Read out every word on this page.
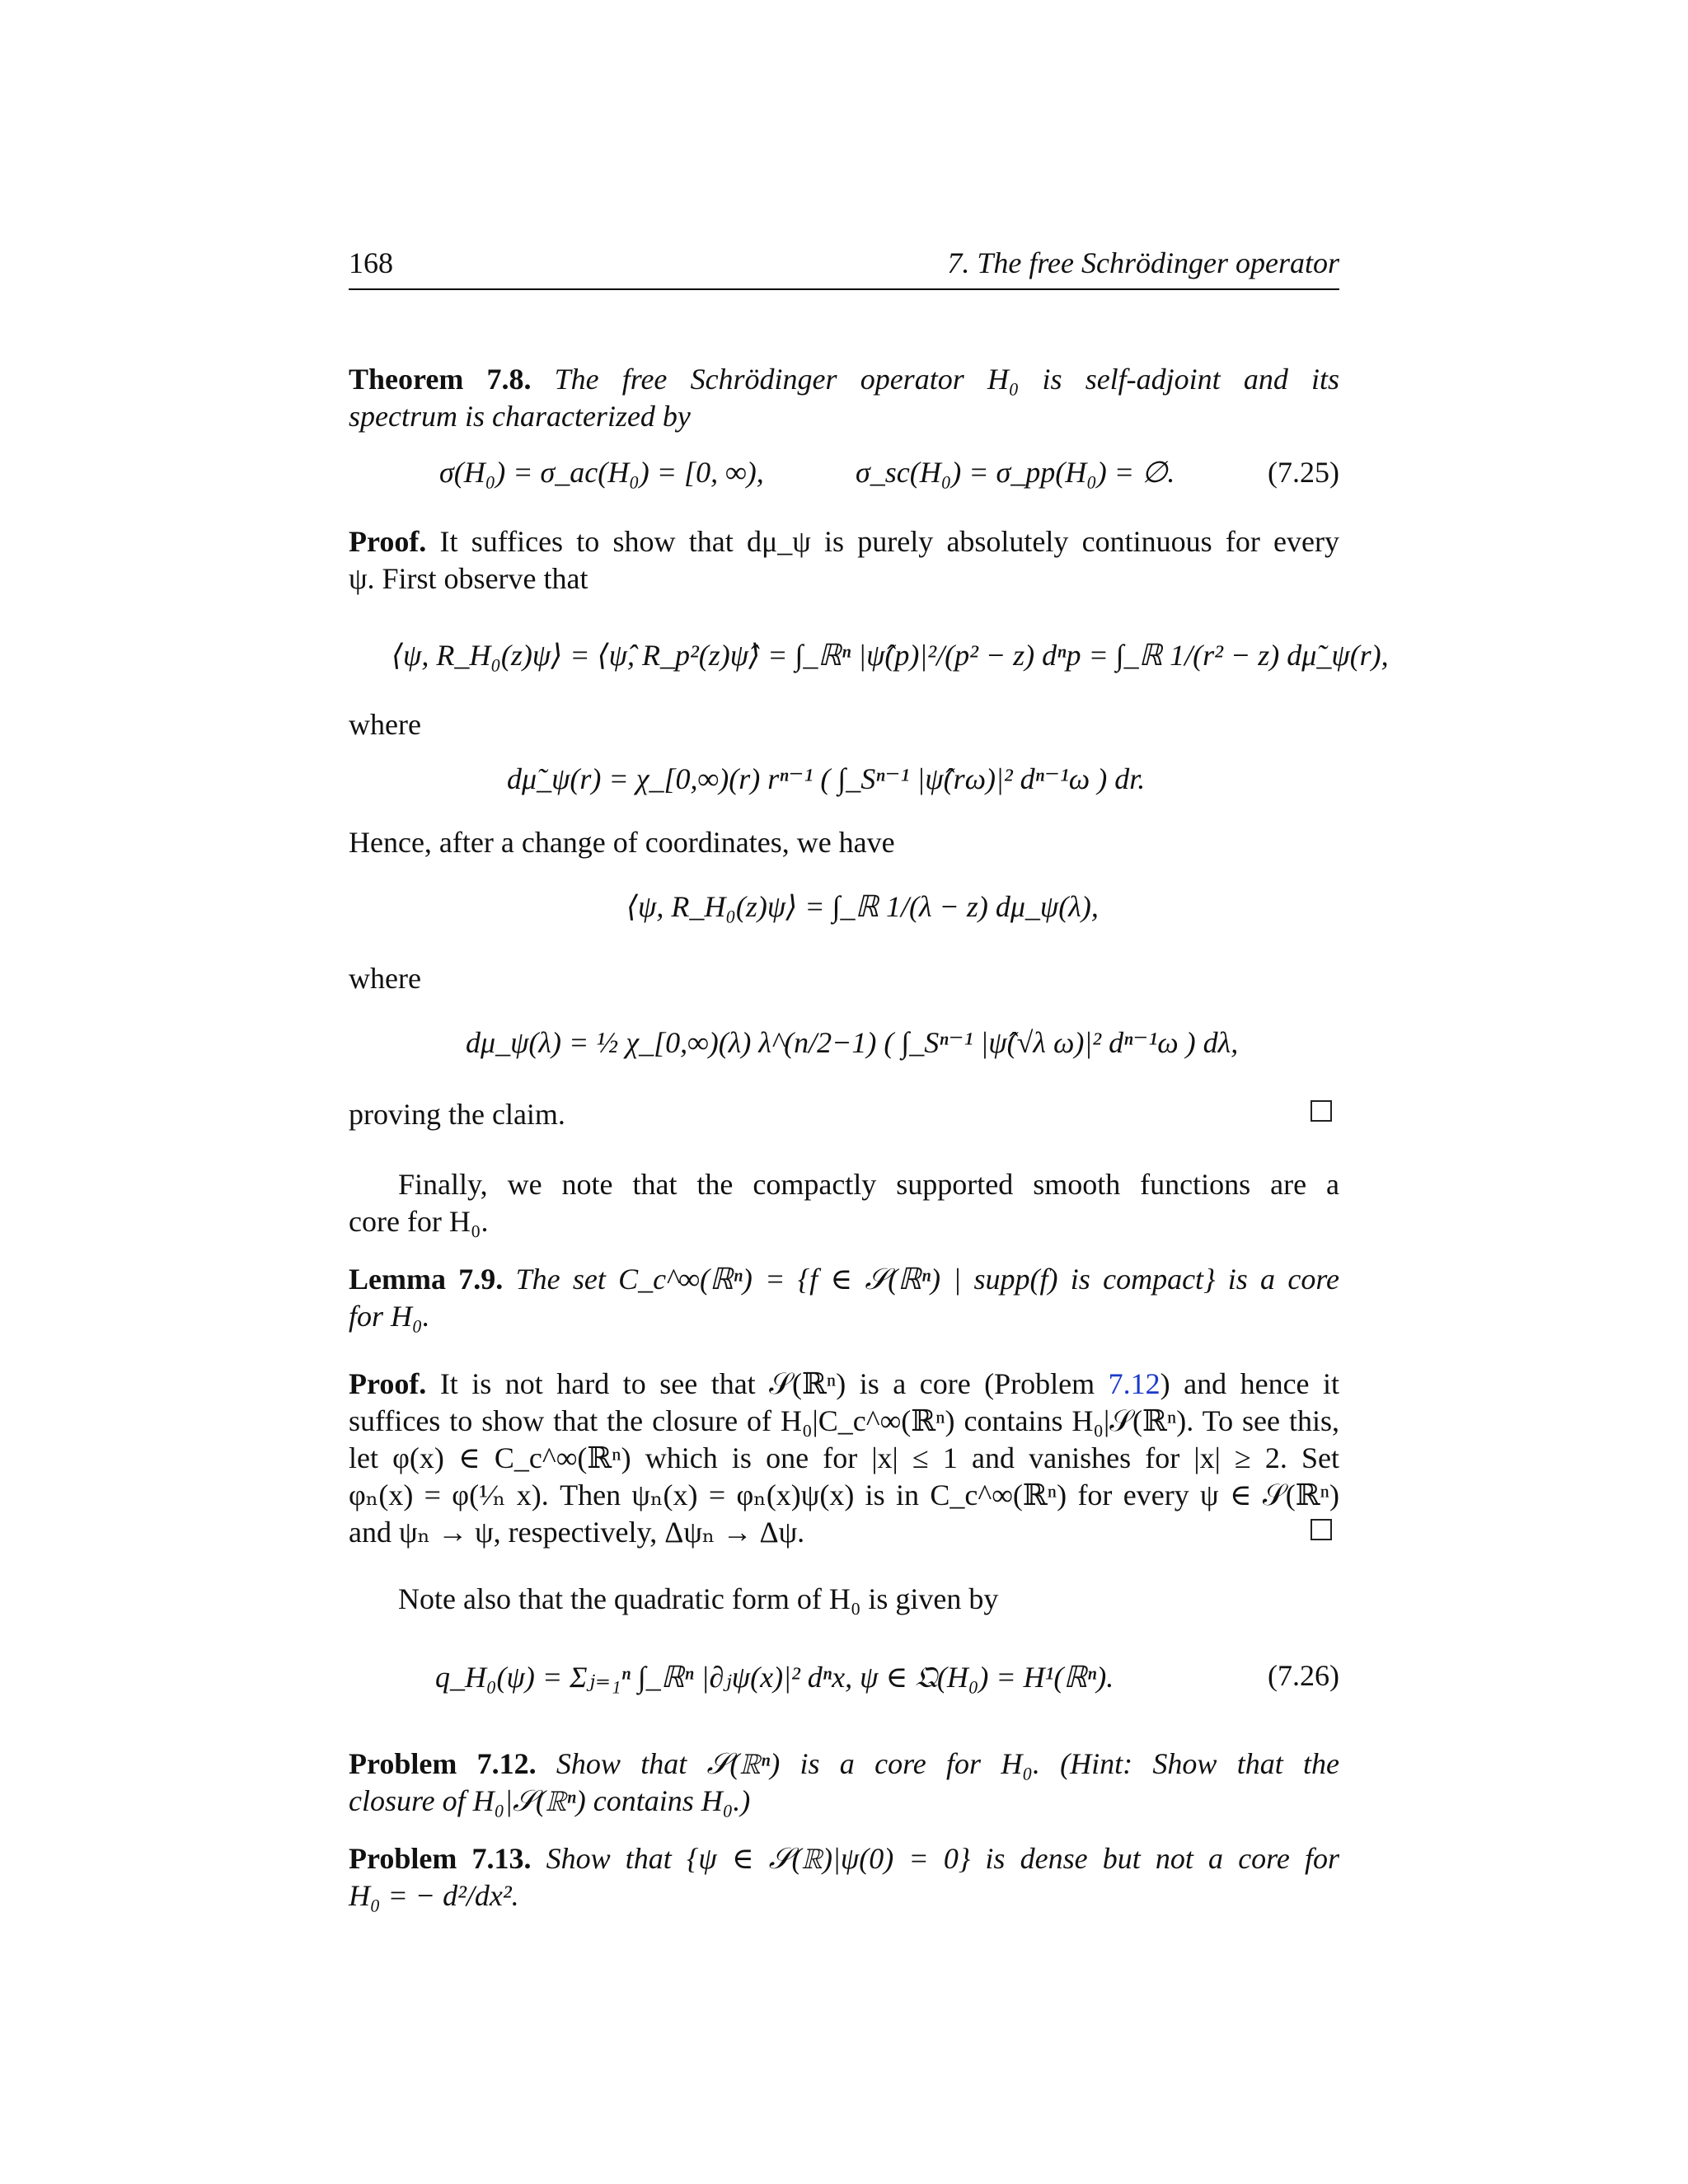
168	7. The free Schrödinger operator
Theorem 7.8. The free Schrödinger operator H₀ is self-adjoint and its
spectrum is characterized by
σ(H₀) = σ_ac(H₀) = [0, ∞),	σ_sc(H₀) = σ_pp(H₀) = ∅.	(7.25)
Proof. It suffices to show that dμ_ψ is purely absolutely continuous for every
ψ. First observe that
⟨ψ, R_H₀(z)ψ⟩ = ⟨ψ̂, R_p²(z)ψ̂⟩ = ∫_ℝⁿ |ψ̂(p)|²/(p² − z) dⁿp = ∫_ℝ 1/(r² − z) dμ̃_ψ(r),
where
dμ̃_ψ(r) = χ_[0,∞)(r) rⁿ⁻¹ ( ∫_Sⁿ⁻¹ |ψ̂(rω)|² dⁿ⁻¹ω ) dr.
Hence, after a change of coordinates, we have
⟨ψ, R_H₀(z)ψ⟩ = ∫_ℝ 1/(λ − z) dμ_ψ(λ),
where
dμ_ψ(λ) = ½ χ_[0,∞)(λ) λ^(n/2−1) ( ∫_Sⁿ⁻¹ |ψ̂(√λ ω)|² dⁿ⁻¹ω ) dλ,
proving the claim.
Finally, we note that the compactly supported smooth functions are a
core for H₀.
Lemma 7.9. The set C_c^∞(ℝⁿ) = {f ∈ 𝒮(ℝⁿ) | supp(f) is compact} is a core
for H₀.
Proof. It is not hard to see that 𝒮(ℝⁿ) is a core (Problem 7.12) and hence it
suffices to show that the closure of H₀|C_c^∞(ℝⁿ) contains H₀|𝒮(ℝⁿ). To see this,
let φ(x) ∈ C_c^∞(ℝⁿ) which is one for |x| ≤ 1 and vanishes for |x| ≥ 2. Set
φₙ(x) = φ(¹⁄ₙ x). Then ψₙ(x) = φₙ(x)ψ(x) is in C_c^∞(ℝⁿ) for every ψ ∈ 𝒮(ℝⁿ)
and ψₙ → ψ, respectively, Δψₙ → Δψ.
Note also that the quadratic form of H₀ is given by
q_H₀(ψ) = Σⱼ₌₁ⁿ ∫_ℝⁿ |∂ⱼψ(x)|² dⁿx, ψ ∈ 𝔔(H₀) = H¹(ℝⁿ).	(7.26)
Problem 7.12. Show that 𝒮(ℝⁿ) is a core for H₀. (Hint: Show that the
closure of H₀|𝒮(ℝⁿ) contains H₀.)
Problem 7.13. Show that {ψ ∈ 𝒮(ℝ)|ψ(0) = 0} is dense but not a core for
H₀ = − d²/dx².
